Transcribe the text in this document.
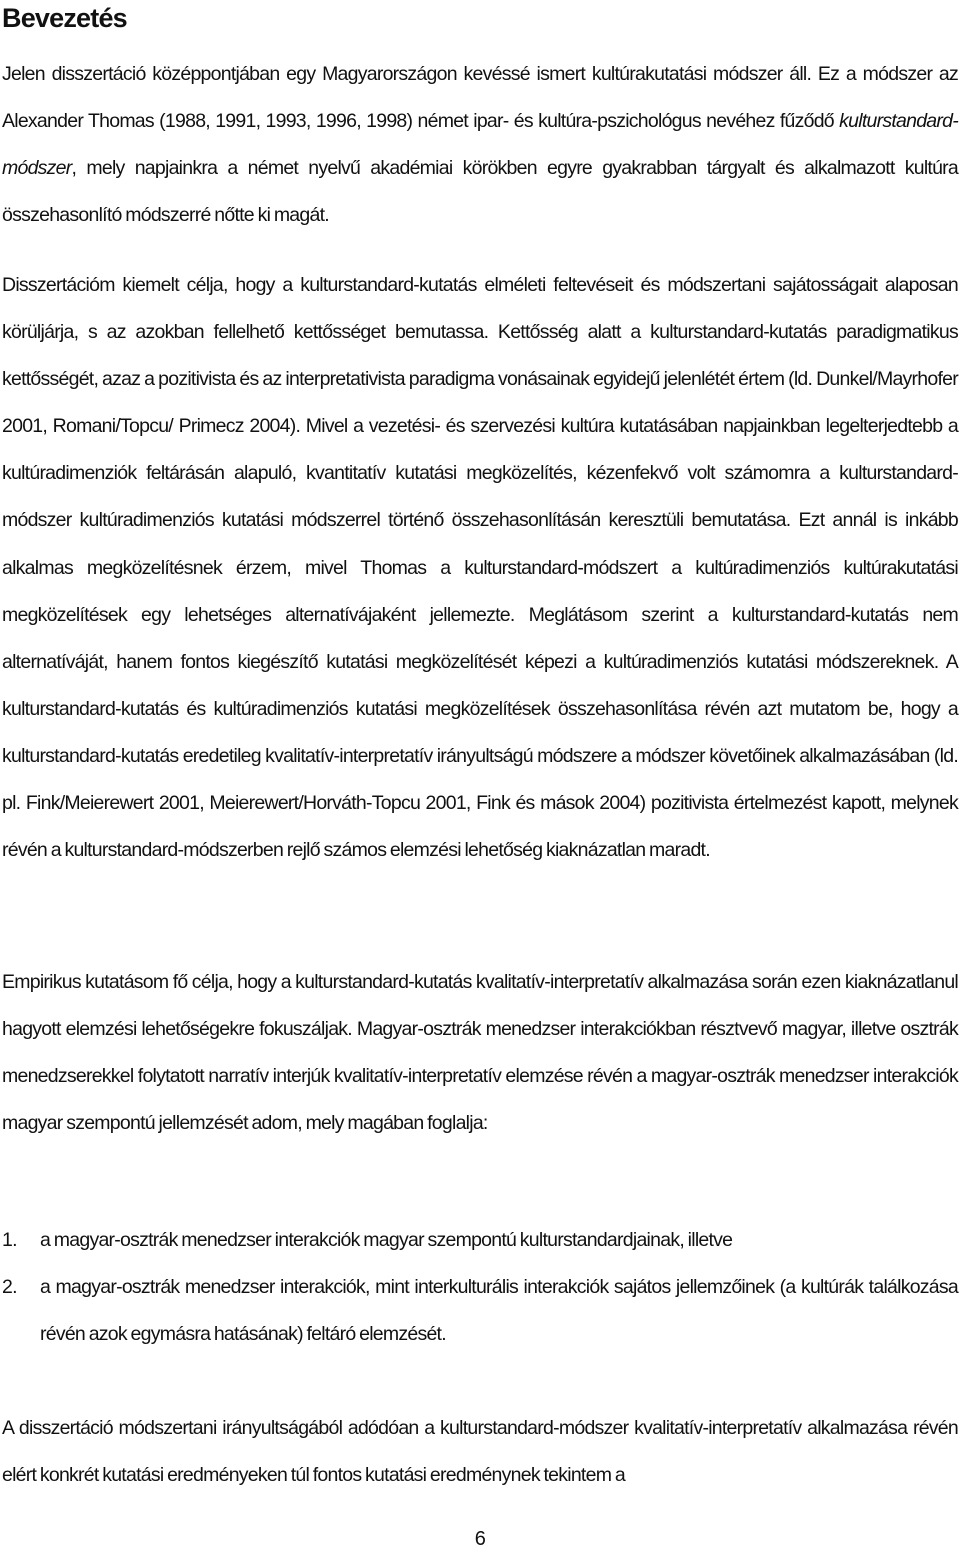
Bevezetés

Jelen disszertáció középpontjában egy Magyarországon kevéssé ismert kultúrakutatási módszer áll. Ez a módszer az Alexander Thomas (1988, 1991, 1993, 1996, 1998) német ipar- és kultúra-pszichológus nevéhez fűződő kulturstandard-módszer, mely napjainkra a német nyelvű akadémiai körökben egyre gyakrabban tárgyalt és alkalmazott kultúra összehasonlító módszerré nőtte ki magát.

Disszertációm kiemelt célja, hogy a kulturstandard-kutatás elméleti feltevéseit és módszertani sajátosságait alaposan körüljárja, s az azokban fellelhető kettősséget bemutassa. Kettősség alatt a kulturstandard-kutatás paradigmatikus kettősségét, azaz a pozitivista és az interpretativista paradigma vonásainak egyidejű jelenlétét értem (ld. Dunkel/Mayrhofer 2001, Romani/Topcu/ Primecz 2004). Mivel a vezetési- és szervezési kultúra kutatásában napjainkban legelterjedtebb a kultúradimenziók feltárásán alapuló, kvantitatív kutatási megközelítés, kézenfekvő volt számomra a kulturstandard-módszer kultúradimenziós kutatási módszerrel történő összehasonlításán keresztüli bemutatása. Ezt annál is inkább alkalmas megközelítésnek érzem, mivel Thomas a kulturstandard-módszert a kultúradimenziós kultúrakutatási megközelítések egy lehetséges alternatívájaként jellemezte. Meglátásom szerint a kulturstandard-kutatás nem alternatíváját, hanem fontos kiegészítő kutatási megközelítését képezi a kultúradimenziós kutatási módszereknek. A kulturstandard-kutatás és kultúradimenziós kutatási megközelítések összehasonlítása révén azt mutatom be, hogy a kulturstandard-kutatás eredetileg kvalitatív-interpretatív irányultságú módszere a módszer követőinek alkalmazásában (ld. pl. Fink/Meierewert 2001, Meierewert/Horváth-Topcu 2001, Fink és mások 2004) pozitivista értelmezést kapott, melynek révén a kulturstandard-módszerben rejlő számos elemzési lehetőség kiaknázatlan maradt.

Empirikus kutatásom fő célja, hogy a kulturstandard-kutatás kvalitatív-interpretatív alkalmazása során ezen kiaknázatlanul hagyott elemzési lehetőségekre fokuszáljak. Magyar-osztrák menedzser interakciókban résztvevő magyar, illetve osztrák menedzserekkel folytatott narratív interjúk kvalitatív-interpretatív elemzése révén a magyar-osztrák menedzser interakciók magyar szempontú jellemzését adom, mely magában foglalja:

1. a magyar-osztrák menedzser interakciók magyar szempontú kulturstandardjainak, illetve
2. a magyar-osztrák menedzser interakciók, mint interkulturális interakciók sajátos jellemzőinek (a kultúrák találkozása révén azok egymásra hatásának) feltáró elemzését.

A disszertáció módszertani irányultságából adódóan a kulturstandard-módszer kvalitatív-interpretatív alkalmazása révén elért konkrét kutatási eredményeken túl fontos kutatási eredménynek tekintem a

6
